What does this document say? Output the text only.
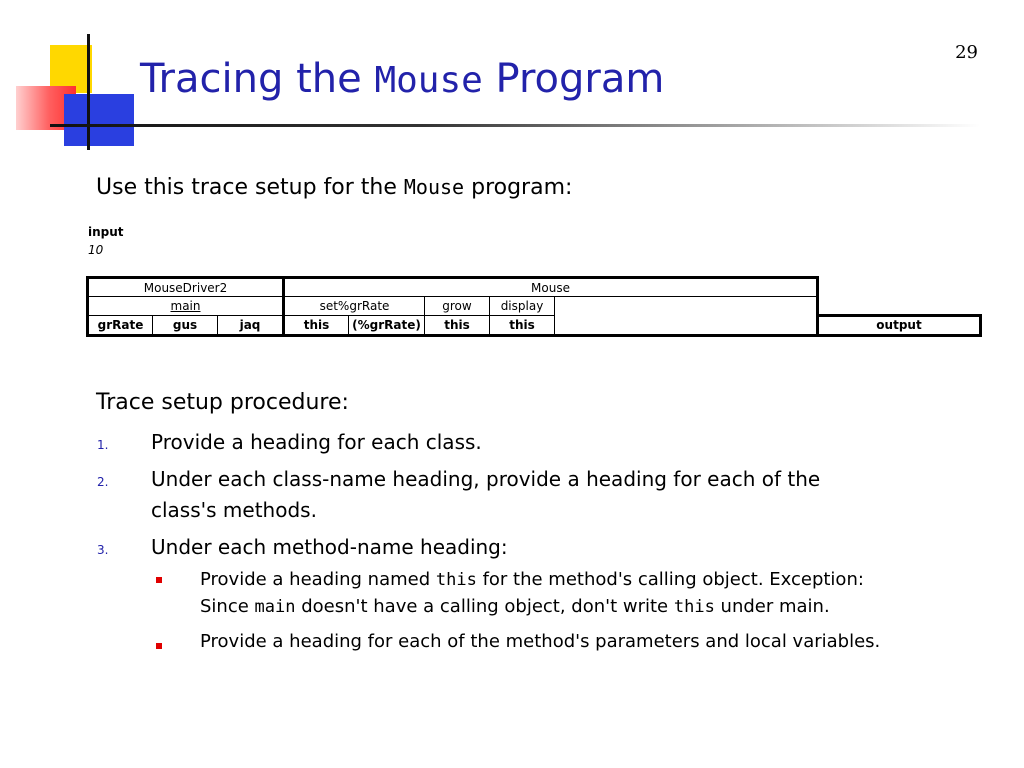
29
Tracing the Mouse Program
Use this trace setup for the Mouse program:
input
10
MouseDriver2			Mouse					
main			set%grRate		grow	display		
grRate	gus	jaq	this	(%grRate)	this	this		output
Trace setup procedure:
1. Provide a heading for each class.
2. Under each class-name heading, provide a heading for each of the
class's methods.
3. Under each method-name heading:
Provide a heading named this for the method's calling object. Exception:
Since main doesn't have a calling object, don't write this under main.
Provide a heading for each of the method's parameters and local variables.
